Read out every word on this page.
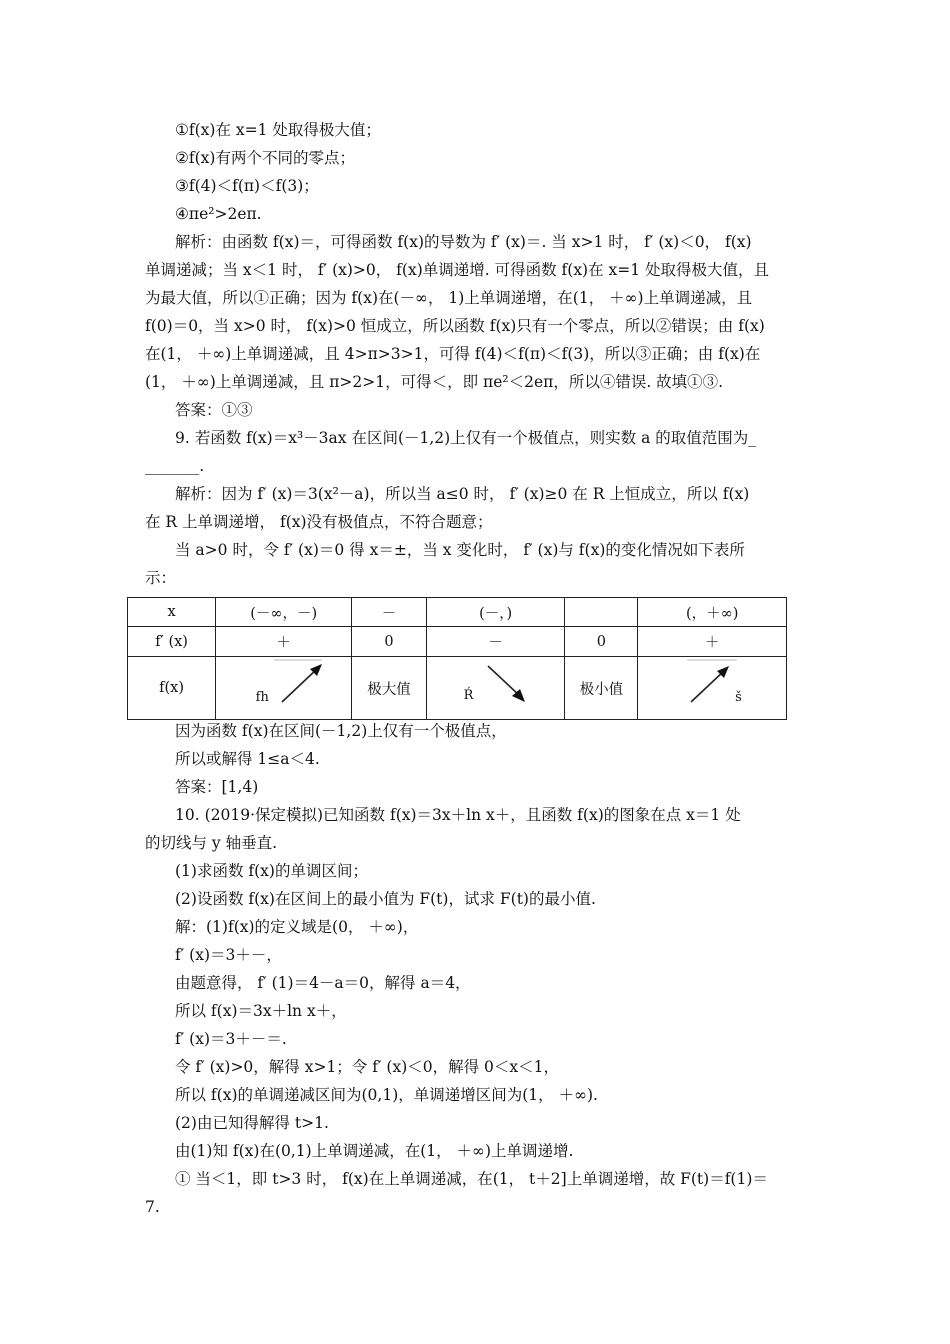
①f(x)在 x=1 处取得极大值；
②f(x)有两个不同的零点；
③f(4)＜f(π)＜f(3)；
④πe²>2eπ.
解析：由函数 f(x)＝，可得函数 f(x)的导数为 f′ (x)＝. 当 x>1 时， f′ (x)＜0， f(x)
单调递减；当 x＜1 时， f′ (x)>0， f(x)单调递增. 可得函数 f(x)在 x=1 处取得极大值，且
为最大值，所以①正确；因为 f(x)在(－∞， 1)上单调递增，在(1， ＋∞)上单调递减，且
f(0)＝0，当 x>0 时， f(x)>0 恒成立，所以函数 f(x)只有一个零点，所以②错误；由 f(x)
在(1， ＋∞)上单调递减，且 4>π>3>1，可得 f(4)＜f(π)＜f(3)，所以③正确；由 f(x)在
(1， ＋∞)上单调递减，且 π>2>1，可得＜，即 πe²＜2eπ，所以④错误. 故填①③.
答案：①③
9. 若函数 f(x)＝x³－3ax 在区间(－1,2)上仅有一个极值点，则实数 a 的取值范围为_
_______.
解析：因为 f′ (x)＝3(x²－a)，所以当 a≤0 时， f′ (x)≥0 在 R 上恒成立，所以 f(x)
在 R 上单调递增， f(x)没有极值点，不符合题意；
当 a>0 时，令 f′ (x)＝0 得 x＝±，当 x 变化时， f′ (x)与 f(x)的变化情况如下表所
示：
x	(－∞，－)	－	(－，)		(，＋∞)
f′ (x)	＋	0	－	0	＋
f(x)	fh	极大值	Ŕ	极小值	š
因为函数 f(x)在区间(－1,2)上仅有一个极值点，
所以或解得 1≤a＜4.
答案：[1,4)
10. (2019·保定模拟)已知函数 f(x)＝3x＋ln x＋，且函数 f(x)的图象在点 x＝1 处
的切线与 y 轴垂直.
(1)求函数 f(x)的单调区间；
(2)设函数 f(x)在区间上的最小值为 F(t)，试求 F(t)的最小值.
解：(1)f(x)的定义域是(0， ＋∞)，
f′ (x)＝3＋－，
由题意得， f′ (1)＝4－a＝0，解得 a＝4，
所以 f(x)＝3x＋ln x＋，
f′ (x)＝3＋－＝.
令 f′ (x)>0，解得 x>1；令 f′ (x)＜0，解得 0＜x＜1，
所以 f(x)的单调递减区间为(0,1)，单调递增区间为(1， ＋∞).
(2)由已知得解得 t>1.
由(1)知 f(x)在(0,1)上单调递减，在(1， ＋∞)上单调递增.
① 当＜1，即 t>3 时， f(x)在上单调递减，在(1， t＋2]上单调递增，故 F(t)＝f(1)＝
7.
